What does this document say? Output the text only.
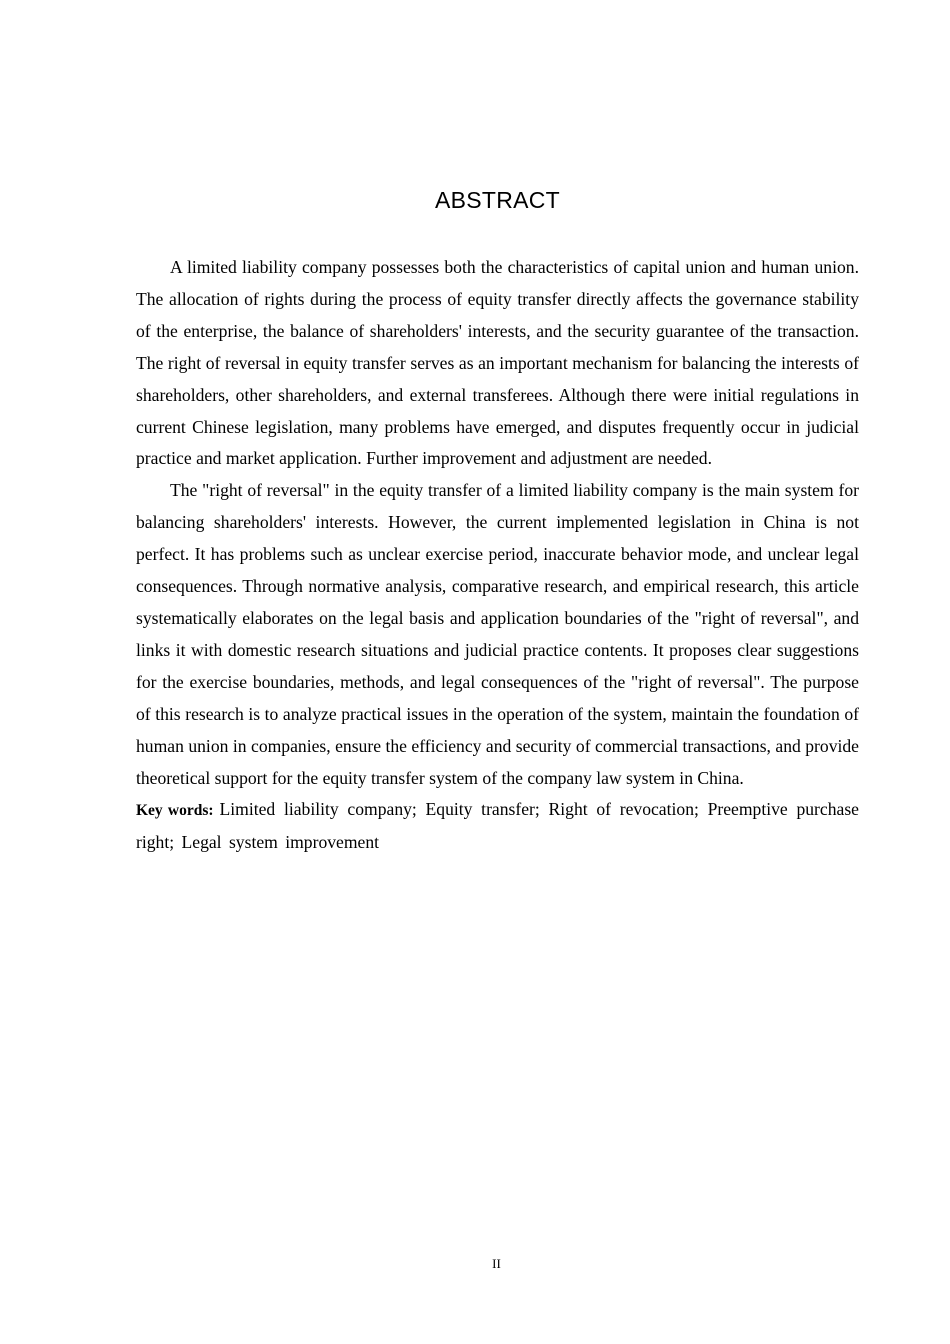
ABSTRACT

A limited liability company possesses both the characteristics of capital union and human union. The allocation of rights during the process of equity transfer directly affects the governance stability of the enterprise, the balance of shareholders' interests, and the security guarantee of the transaction. The right of reversal in equity transfer serves as an important mechanism for balancing the interests of shareholders, other shareholders, and external transferees. Although there were initial regulations in current Chinese legislation, many problems have emerged, and disputes frequently occur in judicial practice and market application. Further improvement and adjustment are needed.

The "right of reversal" in the equity transfer of a limited liability company is the main system for balancing shareholders' interests. However, the current implemented legislation in China is not perfect. It has problems such as unclear exercise period, inaccurate behavior mode, and unclear legal consequences. Through normative analysis, comparative research, and empirical research, this article systematically elaborates on the legal basis and application boundaries of the "right of reversal", and links it with domestic research situations and judicial practice contents. It proposes clear suggestions for the exercise boundaries, methods, and legal consequences of the "right of reversal". The purpose of this research is to analyze practical issues in the operation of the system, maintain the foundation of human union in companies, ensure the efficiency and security of commercial transactions, and provide theoretical support for the equity transfer system of the company law system in China.

Key words: Limited liability company; Equity transfer; Right of revocation; Preemptive purchase right; Legal system improvement

II
